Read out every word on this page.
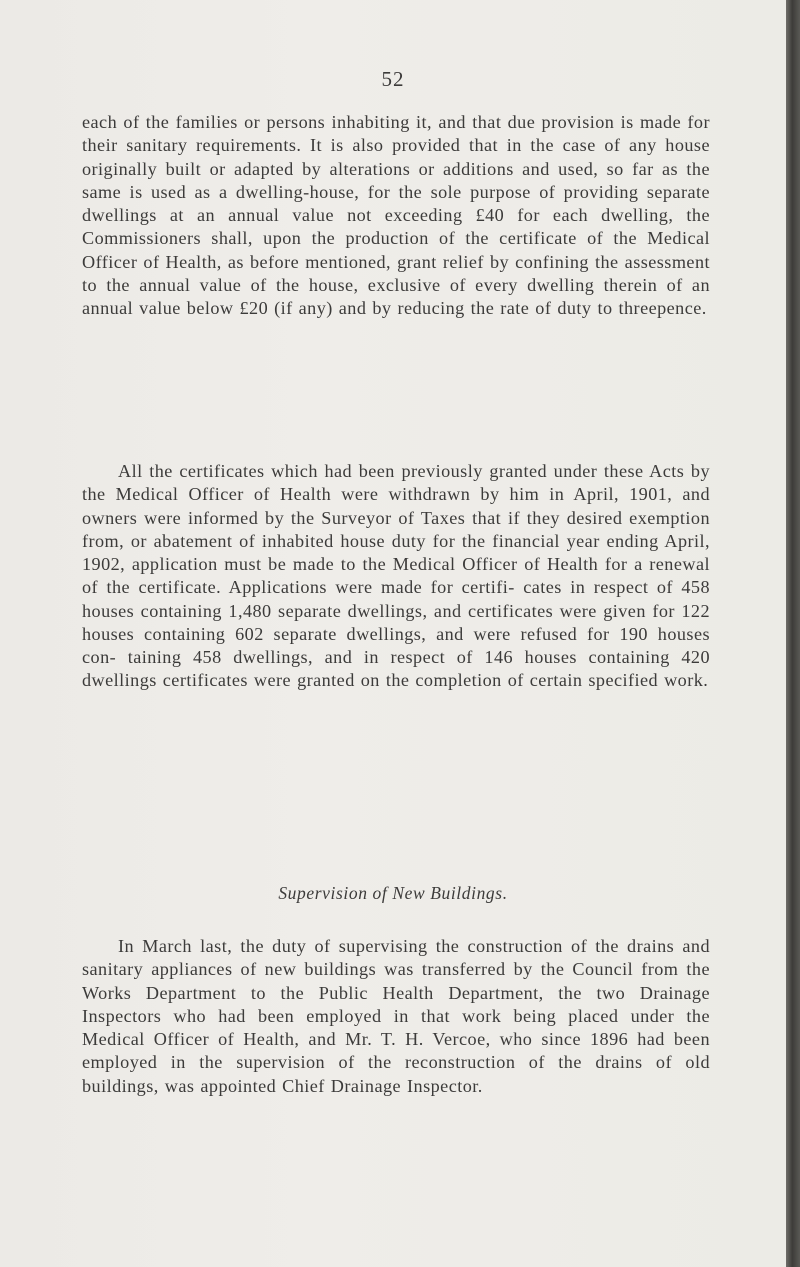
52

each of the families or persons inhabiting it, and that due provision is made for their sanitary requirements. It is also provided that in the case of any house originally built or adapted by alterations or additions and used, so far as the same is used as a dwelling-house, for the sole purpose of providing separate dwellings at an annual value not exceeding £40 for each dwelling, the Commissioners shall, upon the production of the certificate of the Medical Officer of Health, as before mentioned, grant relief by confining the assessment to the annual value of the house, exclusive of every dwelling therein of an annual value below £20 (if any) and by reducing the rate of duty to threepence.

All the certificates which had been previously granted under these Acts by the Medical Officer of Health were withdrawn by him in April, 1901, and owners were informed by the Surveyor of Taxes that if they desired exemption from, or abatement of inhabited house duty for the financial year ending April, 1902, application must be made to the Medical Officer of Health for a renewal of the certificate. Applications were made for certifi- cates in respect of 458 houses containing 1,480 separate dwellings, and certificates were given for 122 houses containing 602 separate dwellings, and were refused for 190 houses con- taining 458 dwellings, and in respect of 146 houses containing 420 dwellings certificates were granted on the completion of certain specified work.

Supervision of New Buildings.

In March last, the duty of supervising the construction of the drains and sanitary appliances of new buildings was transferred by the Council from the Works Department to the Public Health Department, the two Drainage Inspectors who had been employed in that work being placed under the Medical Officer of Health, and Mr. T. H. Vercoe, who since 1896 had been employed in the supervision of the reconstruction of the drains of old buildings, was appointed Chief Drainage Inspector.
